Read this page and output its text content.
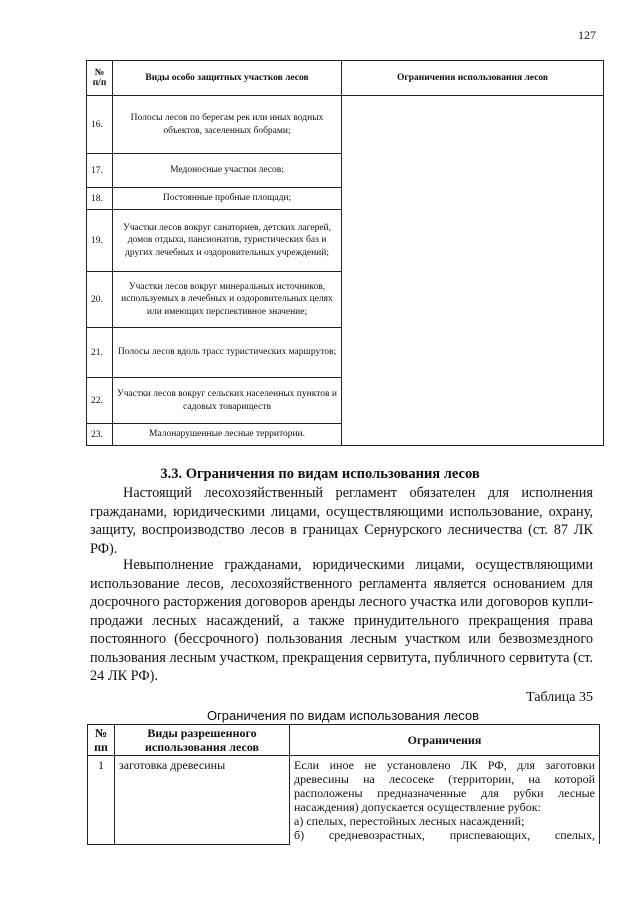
127
№ п/п	Виды особо защитных участков лесов	Ограничения использования лесов
16.	Полосы лесов по берегам рек или иных водных объектов, заселенных бобрами;	
17.	Медоносные участки лесов;	
18.	Постоянные пробные площади;	
19.	Участки лесов вокруг санаториев, детских лагерей, домов отдыха, пансионатов, туристических баз и других лечебных и оздоровительных учреждений;	
20.	Участки лесов вокруг минеральных источников, используемых в лечебных и оздоровительных целях или имеющих перспективное значение;	
21.	Полосы лесов вдоль трасс туристических маршрутов;	
22.	Участки лесов вокруг сельских населенных пунктов и садовых товариществ	
23.	Малонарушенные лесные территории.	
3.3. Ограничения по видам использования лесов
Настоящий лесохозяйственный регламент обязателен для исполнения гражданами, юридическими лицами, осуществляющими использование, охрану, защиту, воспроизводство лесов в границах Сернурского лесничества (ст. 87 ЛК РФ).
Невыполнение гражданами, юридическими лицами, осуществляющими использование лесов, лесохозяйственного регламента является основанием для досрочного расторжения договоров аренды лесного участка или договоров купли-продажи лесных насаждений, а также принудительного прекращения права постоянного (бессрочного) пользования лесным участком или безвозмездного пользования лесным участком, прекращения сервитута, публичного сервитута (ст. 24 ЛК РФ).
Таблица 35
Ограничения по видам использования лесов
№ пп	Виды разрешенного использования лесов	Ограничения
1	заготовка древесины	Если иное не установлено ЛК РФ, для заготовки древесины на лесосеке (территории, на которой расположены предназначенные для рубки лесные насаждения) допускается осуществление рубок:
а) спелых, перестойных лесных насаждений;
б) средневозрастных, приспевающих, спелых,
